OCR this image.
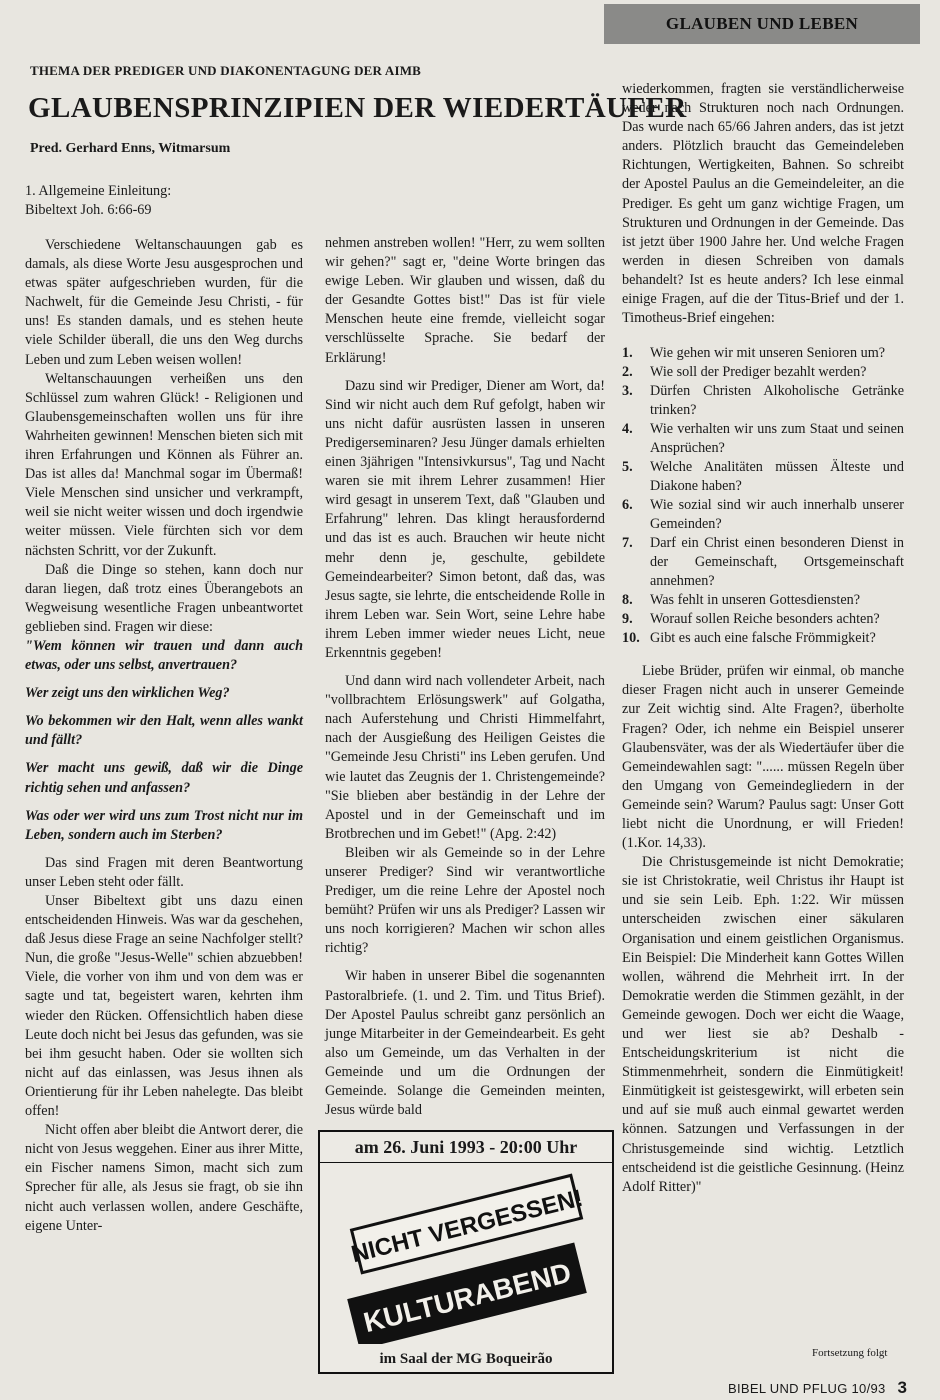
GLAUBEN UND LEBEN
THEMA DER PREDIGER UND DIAKONENTAGUNG DER AIMB
GLAUBENSPRINZIPIEN DER WIEDERTÄUFER
Pred. Gerhard Enns, Witmarsum
1. Allgemeine Einleitung:
Bibeltext Joh. 6:66-69

Verschiedene Weltanschauungen gab es damals, als diese Worte Jesu ausgesprochen und etwas später aufgeschrieben wurden, für die Nachwelt, für die Gemeinde Jesu Christi, - für uns! Es standen damals, und es stehen heute viele Schilder überall, die uns den Weg durchs Leben und zum Leben weisen wollen!

Weltanschauungen verheißen uns den Schlüssel zum wahren Glück! - Religionen und Glaubensgemeinschaften wollen uns für ihre Wahrheiten gewinnen! Menschen bieten sich mit ihren Erfahrungen und Können als Führer an. Das ist alles da! Manchmal sogar im Übermaß! Viele Menschen sind unsicher und verkrampft, weil sie nicht weiter wissen und doch irgendwie weiter müssen. Viele fürchten sich vor dem nächsten Schritt, vor der Zukunft.

Daß die Dinge so stehen, kann doch nur daran liegen, daß trotz eines Überangebots an Wegweisung wesentliche Fragen unbeantwortet geblieben sind. Fragen wir diese:

"Wem können wir trauen und dann auch etwas, oder uns selbst, anvertrauen?

Wer zeigt uns den wirklichen Weg?

Wo bekommen wir den Halt, wenn alles wankt und fällt?

Wer macht uns gewiß, daß wir die Dinge richtig sehen und anfassen?

Was oder wer wird uns zum Trost nicht nur im Leben, sondern auch im Sterben?

Das sind Fragen mit deren Beantwortung unser Leben steht oder fällt.

Unser Bibeltext gibt uns dazu einen entscheidenden Hinweis. Was war da geschehen, daß Jesus diese Frage an seine Nachfolger stellt? Nun, die große "Jesus-Welle" schien abzuebben! Viele, die vorher von ihm und von dem was er sagte und tat, begeistert waren, kehrten ihm wieder den Rücken. Offensichtlich haben diese Leute doch nicht bei Jesus das gefunden, was sie bei ihm gesucht haben. Oder sie wollten sich nicht auf das einlassen, was Jesus ihnen als Orientierung für ihr Leben nahelegte. Das bleibt offen!

Nicht offen aber bleibt die Antwort derer, die nicht von Jesus weggehen. Einer aus ihrer Mitte, ein Fischer namens Simon, macht sich zum Sprecher für alle, als Jesus sie fragt, ob sie ihn nicht auch verlassen wollen, andere Geschäfte, eigene Unter-

nehmen anstreben wollen! "Herr, zu wem sollten wir gehen?" sagt er, "deine Worte bringen das ewige Leben. Wir glauben und wissen, daß du der Gesandte Gottes bist!" Das ist für viele Menschen heute eine fremde, vielleicht sogar verschlüsselte Sprache. Sie bedarf der Erklärung!

Dazu sind wir Prediger, Diener am Wort, da! Sind wir nicht auch dem Ruf gefolgt, haben wir uns nicht dafür ausrüsten lassen in unseren Predigerseminaren? Jesu Jünger damals erhielten einen 3jährigen "Intensivkursus", Tag und Nacht waren sie mit ihrem Lehrer zusammen! Hier wird gesagt in unserem Text, daß "Glauben und Erfahrung" lehren. Das klingt herausfordernd und das ist es auch. Brauchen wir heute nicht mehr denn je, geschulte, gebildete Gemeindearbeiter? Simon betont, daß das, was Jesus sagte, sie lehrte, die entscheidende Rolle in ihrem Leben war. Sein Wort, seine Lehre habe ihrem Leben immer wieder neues Licht, neue Erkenntnis gegeben!

Und dann wird nach vollendeter Arbeit, nach "vollbrachtem Erlösungswerk" auf Golgatha, nach Auferstehung und Christi Himmelfahrt, nach der Ausgießung des Heiligen Geistes die "Gemeinde Jesu Christi" ins Leben gerufen. Und wie lautet das Zeugnis der 1. Christengemeinde? "Sie blieben aber beständig in der Lehre der Apostel und in der Gemeinschaft und im Brotbrechen und im Gebet!" (Apg. 2:42)

Bleiben wir als Gemeinde so in der Lehre unserer Prediger? Sind wir verantwortliche Prediger, um die reine Lehre der Apostel noch bemüht? Prüfen wir uns als Prediger? Lassen wir uns noch korrigieren? Machen wir schon alles richtig?

Wir haben in unserer Bibel die sogenannten Pastoralbriefe. (1. und 2. Tim. und Titus Brief). Der Apostel Paulus schreibt ganz persönlich an junge Mitarbeiter in der Gemeindearbeit. Es geht also um Gemeinde, um das Verhalten in der Gemeinde und um die Ordnungen der Gemeinde. Solange die Gemeinden meinten, Jesus würde bald

am 26. Juni 1993 - 20:00 Uhr
NICHT VERGESSEN!
KULTURABEND
im Saal der MG Boqueirão

wiederkommen, fragten sie verständlicherweise weder nach Strukturen noch nach Ordnungen. Das wurde nach 65/66 Jahren anders, das ist jetzt anders. Plötzlich braucht das Gemeindeleben Richtungen, Wertigkeiten, Bahnen. So schreibt der Apostel Paulus an die Gemeindeleiter, an die Prediger. Es geht um ganz wichtige Fragen, um Strukturen und Ordnungen in der Gemeinde. Das ist jetzt über 1900 Jahre her. Und welche Fragen werden in diesen Schreiben von damals behandelt? Ist es heute anders? Ich lese einmal einige Fragen, auf die der Titus-Brief und der 1. Timotheus-Brief eingehen:

1.	Wie gehen wir mit unseren Senioren um?
2.	Wie soll der Prediger bezahlt werden?
3.	Dürfen Christen Alkoholische Getränke trinken?
4.	Wie verhalten wir uns zum Staat und seinen Ansprüchen?
5.	Welche Analitäten müssen Älteste und Diakone haben?
6.	Wie sozial sind wir auch innerhalb unserer Gemeinden?
7.	Darf ein Christ einen besonderen Dienst in der Gemeinschaft, Ortsgemeinschaft annehmen?
8.	Was fehlt in unseren Gottesdiensten?
9.	Worauf sollen Reiche besonders achten?
10. Gibt es auch eine falsche Frömmigkeit?

Liebe Brüder, prüfen wir einmal, ob manche dieser Fragen nicht auch in unserer Gemeinde zur Zeit wichtig sind. Alte Fragen?, überholte Fragen? Oder, ich nehme ein Beispiel unserer Glaubensväter, was der als Wiedertäufer über die Gemeindewahlen sagt: "...... müssen Regeln über den Umgang von Gemeindegliedern in der Gemeinde sein? Warum? Paulus sagt: Unser Gott liebt nicht die Unordnung, er will Frieden! (1.Kor. 14,33).

Die Christusgemeinde ist nicht Demokratie; sie ist Christokratie, weil Christus ihr Haupt ist und sie sein Leib. Eph. 1:22. Wir müssen unterscheiden zwischen einer säkularen Organisation und einem geistlichen Organismus. Ein Beispiel: Die Minderheit kann Gottes Willen wollen, während die Mehrheit irrt. In der Demokratie werden die Stimmen gezählt, in der Gemeinde gewogen. Doch wer eicht die Waage, und wer liest sie ab? Deshalb - Entscheidungskriterium ist nicht die Stimmenmehrheit, sondern die Einmütigkeit! Einmütigkeit ist geistesgewirkt, will erbeten sein und auf sie muß auch einmal gewartet werden können. Satzungen und Verfassungen in der Christusgemeinde sind wichtig. Letztlich entscheidend ist die geistliche Gesinnung. (Heinz Adolf Ritter)"

Fortsetzung folgt
BIBEL UND PFLUG 10/93 3
